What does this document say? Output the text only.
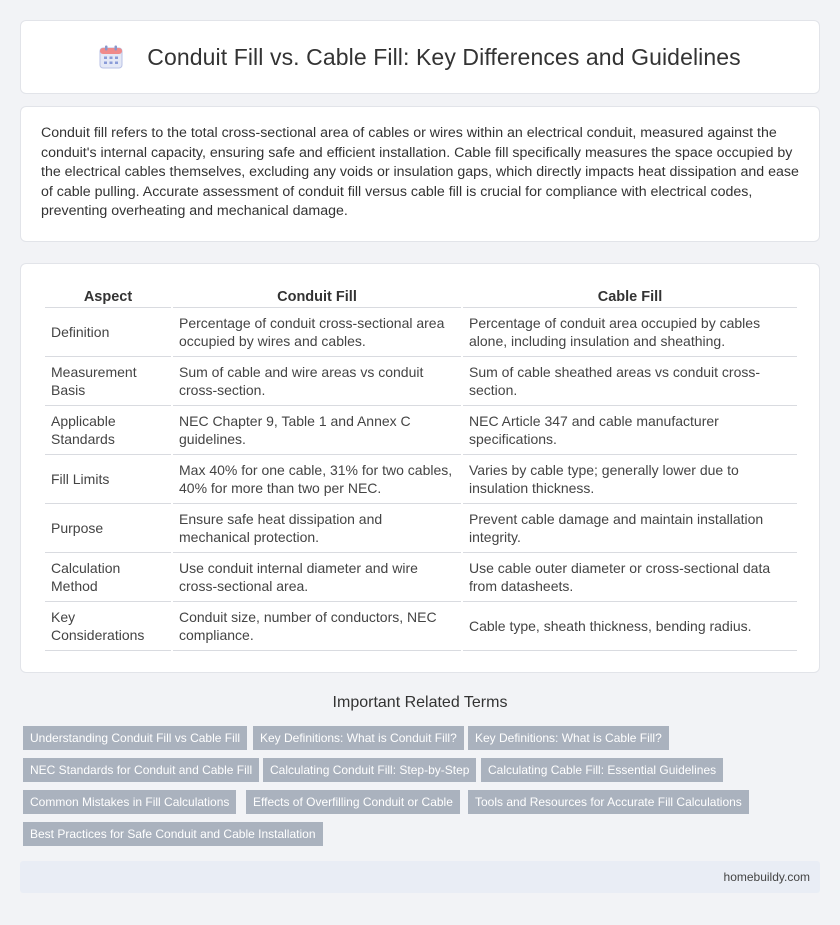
Conduit Fill vs. Cable Fill: Key Differences and Guidelines

Conduit fill refers to the total cross-sectional area of cables or wires within an electrical conduit, measured against the conduit's internal capacity, ensuring safe and efficient installation. Cable fill specifically measures the space occupied by the electrical cables themselves, excluding any voids or insulation gaps, which directly impacts heat dissipation and ease of cable pulling. Accurate assessment of conduit fill versus cable fill is crucial for compliance with electrical codes, preventing overheating and mechanical damage.

Aspect	Conduit Fill	Cable Fill
Definition	Percentage of conduit cross-sectional area occupied by wires and cables.	Percentage of conduit area occupied by cables alone, including insulation and sheathing.
Measurement Basis	Sum of cable and wire areas vs conduit cross-section.	Sum of cable sheathed areas vs conduit cross-section.
Applicable Standards	NEC Chapter 9, Table 1 and Annex C guidelines.	NEC Article 347 and cable manufacturer specifications.
Fill Limits	Max 40% for one cable, 31% for two cables, 40% for more than two per NEC.	Varies by cable type; generally lower due to insulation thickness.
Purpose	Ensure safe heat dissipation and mechanical protection.	Prevent cable damage and maintain installation integrity.
Calculation Method	Use conduit internal diameter and wire cross-sectional area.	Use cable outer diameter or cross-sectional data from datasheets.
Key Considerations	Conduit size, number of conductors, NEC compliance.	Cable type, sheath thickness, bending radius.
Important Related Terms
Understanding Conduit Fill vs Cable Fill	Key Definitions: What is Conduit Fill?	Key Definitions: What is Cable Fill?
NEC Standards for Conduit and Cable Fill	Calculating Conduit Fill: Step-by-Step	Calculating Cable Fill: Essential Guidelines
Common Mistakes in Fill Calculations	Effects of Overfilling Conduit or Cable	Tools and Resources for Accurate Fill Calculations
Best Practices for Safe Conduit and Cable Installation
homebuildy.com
